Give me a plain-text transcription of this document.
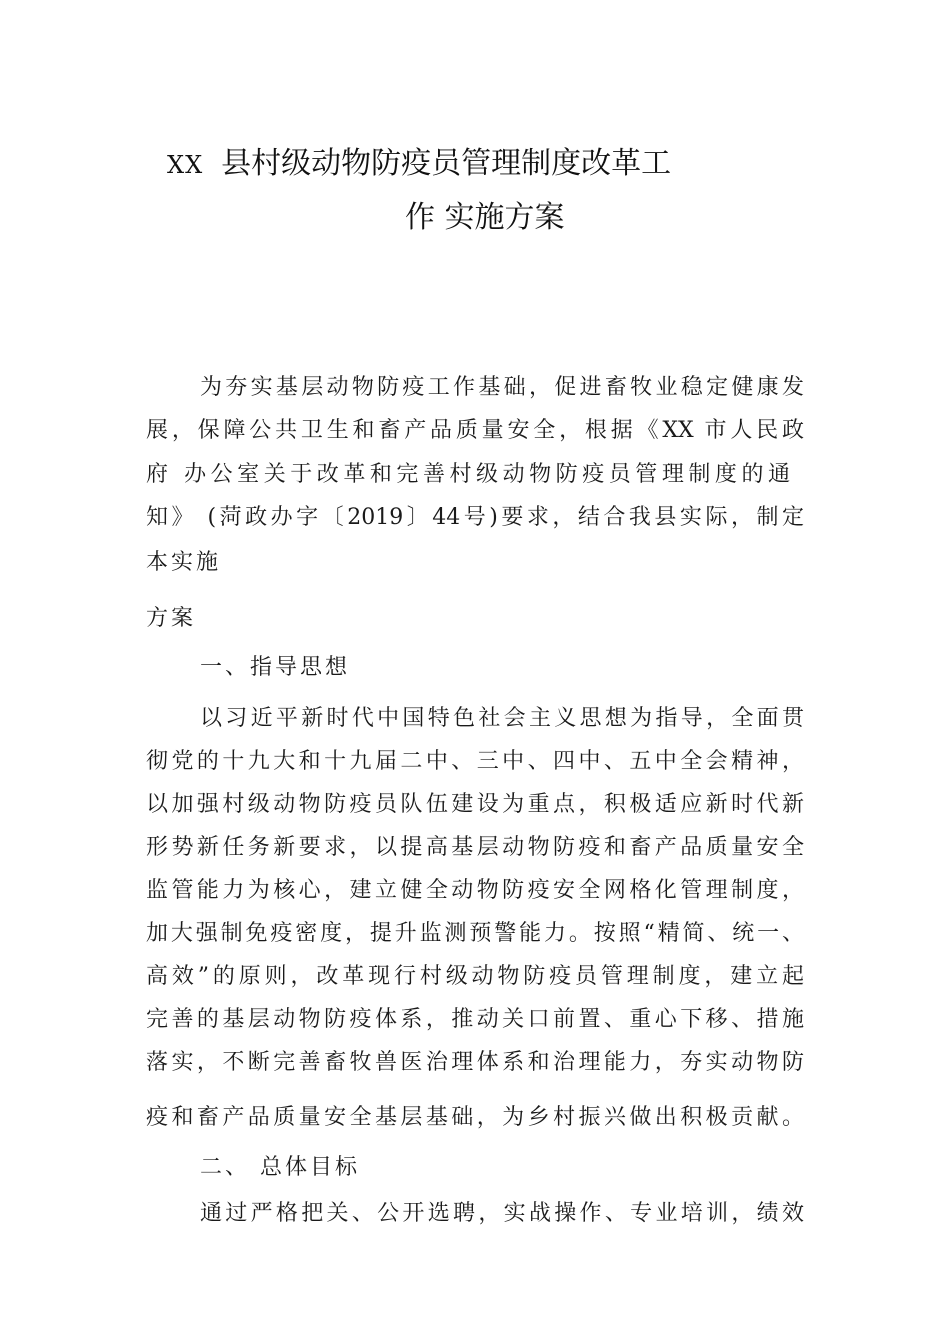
XX 县村级动物防疫员管理制度改革工
作 实施方案
为夯实基层动物防疫工作基础，促进畜牧业稳定健康发
展，保障公共卫生和畜产品质量安全，根据《XX 市人民政
府 办公室关于改革和完善村级动物防疫员管理制度的通
知》 (菏政办字〔2019〕44号)要求，结合我县实际，制定
本实施
方案
一、指导思想
以习近平新时代中国特色社会主义思想为指导，全面贯
彻党的十九大和十九届二中、三中、四中、五中全会精神，
以加强村级动物防疫员队伍建设为重点，积极适应新时代新
形势新任务新要求，以提高基层动物防疫和畜产品质量安全
监管能力为核心，建立健全动物防疫安全网格化管理制度，
加大强制免疫密度，提升监测预警能力。按照“精简、统一、
高效”的原则，改革现行村级动物防疫员管理制度，建立起
完善的基层动物防疫体系，推动关口前置、重心下移、措施
落实，不断完善畜牧兽医治理体系和治理能力，夯实动物防
疫和畜产品质量安全基层基础，为乡村振兴做出积极贡献。
二、 总体目标
通过严格把关、公开选聘，实战操作、专业培训，绩效
